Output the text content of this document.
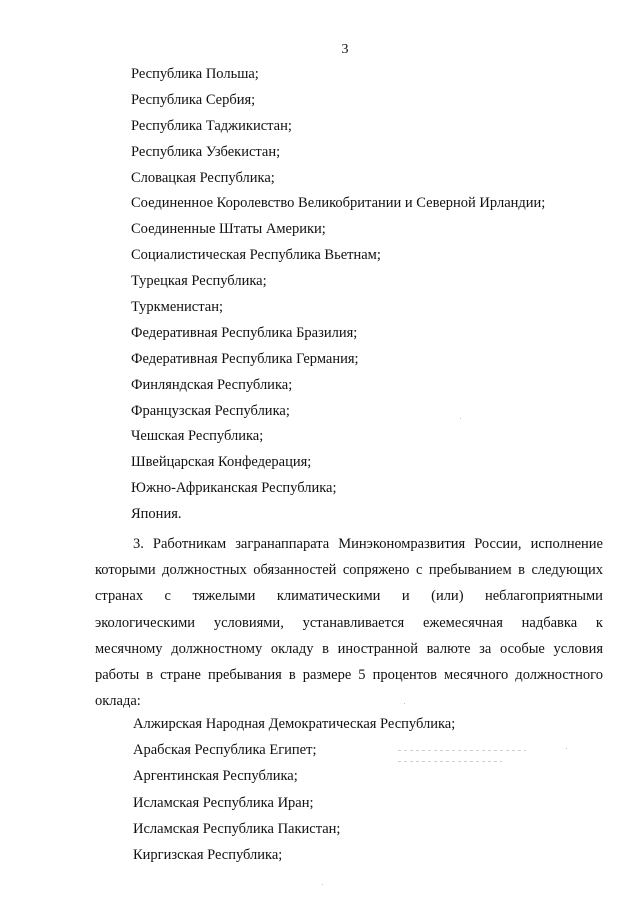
3
Республика Польша;
Республика Сербия;
Республика Таджикистан;
Республика Узбекистан;
Словацкая Республика;
Соединенное Королевство Великобритании и Северной Ирландии;
Соединенные Штаты Америки;
Социалистическая Республика Вьетнам;
Турецкая Республика;
Туркменистан;
Федеративная Республика Бразилия;
Федеративная Республика Германия;
Финляндская Республика;
Французская Республика;
Чешская Республика;
Швейцарская Конфедерация;
Южно-Африканская Республика;
Япония.
3. Работникам загранаппарата Минэкономразвития России, исполнение
которыми должностных обязанностей сопряжено с пребыванием в следующих
странах с тяжелыми климатическими и (или) неблагоприятными
экологическими условиями, устанавливается ежемесячная надбавка к
месячному должностному окладу в иностранной валюте за особые условия
работы в стране пребывания в размере 5 процентов месячного должностного
оклада:
Алжирская Народная Демократическая Республика;
Арабская Республика Египет;
Аргентинская Республика;
Исламская Республика Иран;
Исламская Республика Пакистан;
Киргизская Республика;
